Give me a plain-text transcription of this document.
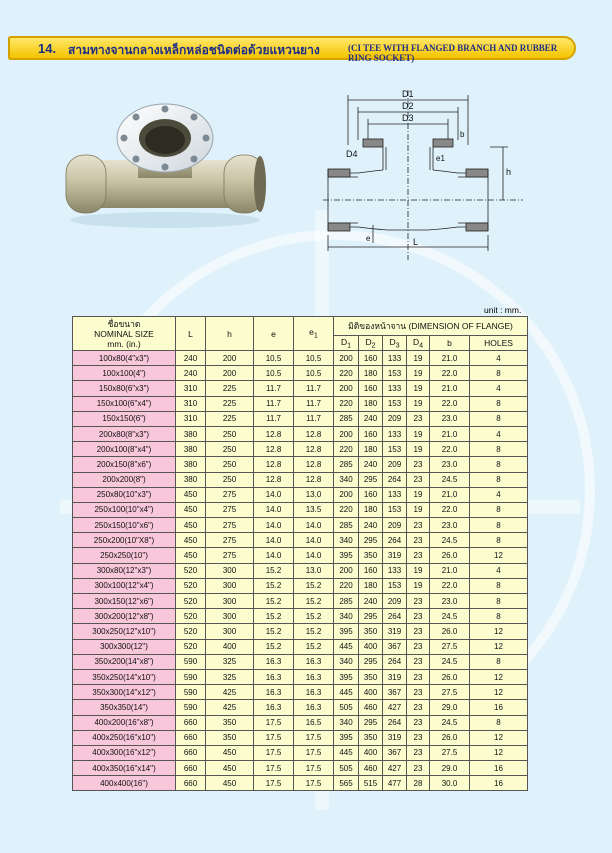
14. สามทางจานกลางเหล็กหล่อชนิดต่อด้วยแหวนยาง	(CI TEE WITH FLANGED BRANCH AND RUBBER RING SOCKET)
D1
D2
D3
D4
b
e1
e	L
h
unit : mm.
ชื่อขนาด
NOMINAL SIZE
mm. (in.)	L	h	e	$e_1$	มิติของหน้าจาน (DIMENSION OF FLANGE)					
					$D_1$	$D_2$	$D_3$	$D_4$	b	HOLES
100x80(4"x3")	240	200	10.5	10.5	200	160	133	19	21.0	4
100x100(4")	240	200	10.5	10.5	220	180	153	19	22.0	8
150x80(6"x3")	310	225	11.7	11.7	200	160	133	19	21.0	4
150x100(6"x4")	310	225	11.7	11.7	220	180	153	19	22.0	8
150x150(6")	310	225	11.7	11.7	285	240	209	23	23.0	8
200x80(8"x3")	380	250	12.8	12.8	200	160	133	19	21.0	4
200x100(8"x4")	380	250	12.8	12.8	220	180	153	19	22.0	8
200x150(8"x6")	380	250	12.8	12.8	285	240	209	23	23.0	8
200x200(8")	380	250	12.8	12.8	340	295	264	23	24.5	8
250x80(10"x3")	450	275	14.0	13.0	200	160	133	19	21.0	4
250x100(10"x4")	450	275	14.0	13.5	220	180	153	19	22.0	8
250x150(10"x6")	450	275	14.0	14.0	285	240	209	23	23.0	8
250x200(10"X8")	450	275	14.0	14.0	340	295	264	23	24.5	8
250x250(10")	450	275	14.0	14.0	395	350	319	23	26.0	12
300x80(12"x3")	520	300	15.2	13.0	200	160	133	19	21.0	4
300x100(12"x4")	520	300	15.2	15.2	220	180	153	19	22.0	8
300x150(12"x6")	520	300	15.2	15.2	285	240	209	23	23.0	8
300x200(12"x8")	520	300	15.2	15.2	340	295	264	23	24.5	8
300x250(12"x10")	520	300	15.2	15.2	395	350	319	23	26.0	12
300x300(12")	520	400	15.2	15.2	445	400	367	23	27.5	12
350x200(14"x8")	590	325	16.3	16.3	340	295	264	23	24.5	8
350x250(14"x10")	590	325	16.3	16.3	395	350	319	23	26.0	12
350x300(14"x12")	590	425	16.3	16.3	445	400	367	23	27.5	12
350x350(14")	590	425	16.3	16.3	505	460	427	23	29.0	16
400x200(16"x8")	660	350	17.5	16.5	340	295	264	23	24.5	8
400x250(16"x10")	660	350	17.5	17.5	395	350	319	23	26.0	12
400x300(16"x12")	660	450	17.5	17.5	445	400	367	23	27.5	12
400x350(16"x14")	660	450	17.5	17.5	505	460	427	23	29.0	16
400x400(16")	660	450	17.5	17.5	565	515	477	28	30.0	16
